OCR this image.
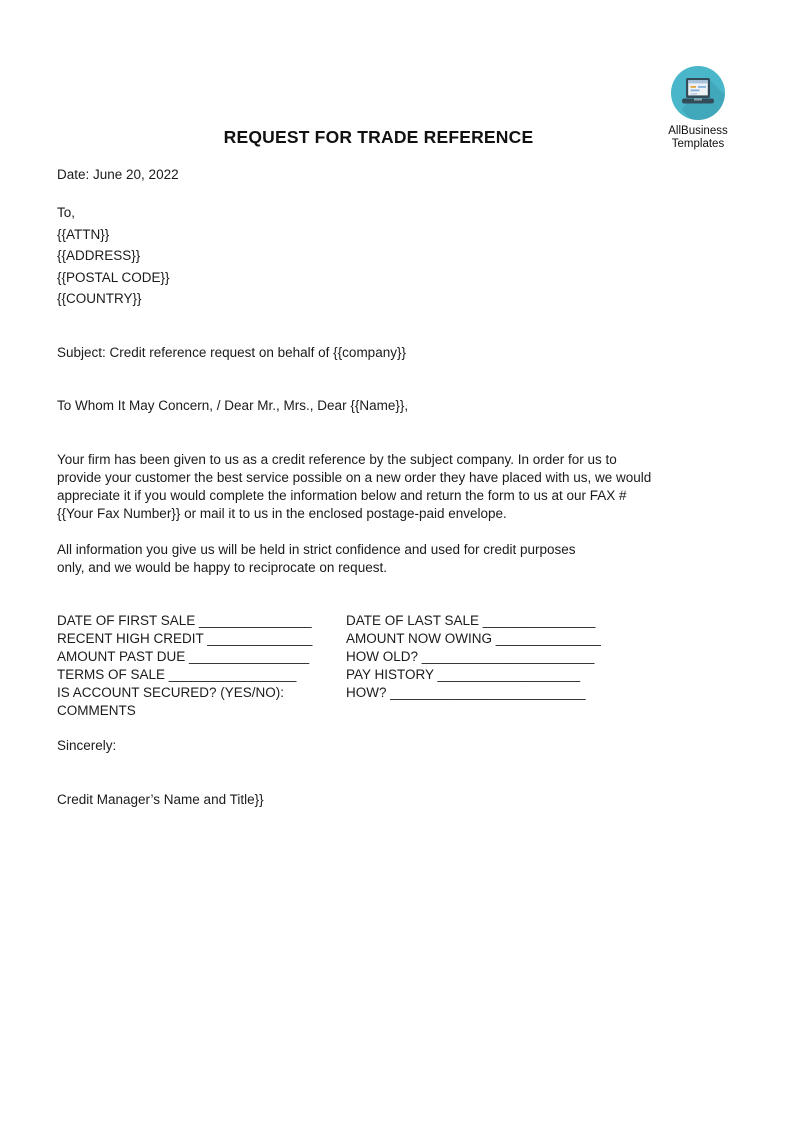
AllBusiness
Templates
REQUEST FOR TRADE REFERENCE
Date: June 20, 2022
To,
{{ATTN}}
{{ADDRESS}}
{{POSTAL CODE}}
{{COUNTRY}}
Subject: Credit reference request on behalf of {{company}}
To Whom It May Concern, / Dear Mr., Mrs., Dear {{Name}},
Your firm has been given to us as a credit reference by the subject company. In order for us to
provide your customer the best service possible on a new order they have placed with us, we would
appreciate it if you would complete the information below and return the form to us at our FAX #
{{Your Fax Number}} or mail it to us in the enclosed postage-paid envelope.
All information you give us will be held in strict confidence and used for credit purposes
only, and we would be happy to reciprocate on request.
DATE OF FIRST SALE _______________	DATE OF LAST SALE _______________
RECENT HIGH CREDIT ______________	AMOUNT NOW OWING ______________
AMOUNT PAST DUE ________________	HOW OLD? _______________________
TERMS OF SALE _________________	PAY HISTORY ___________________
IS ACCOUNT SECURED? (YES/NO):	HOW? __________________________
COMMENTS
Sincerely:
Credit Manager’s Name and Title}}
